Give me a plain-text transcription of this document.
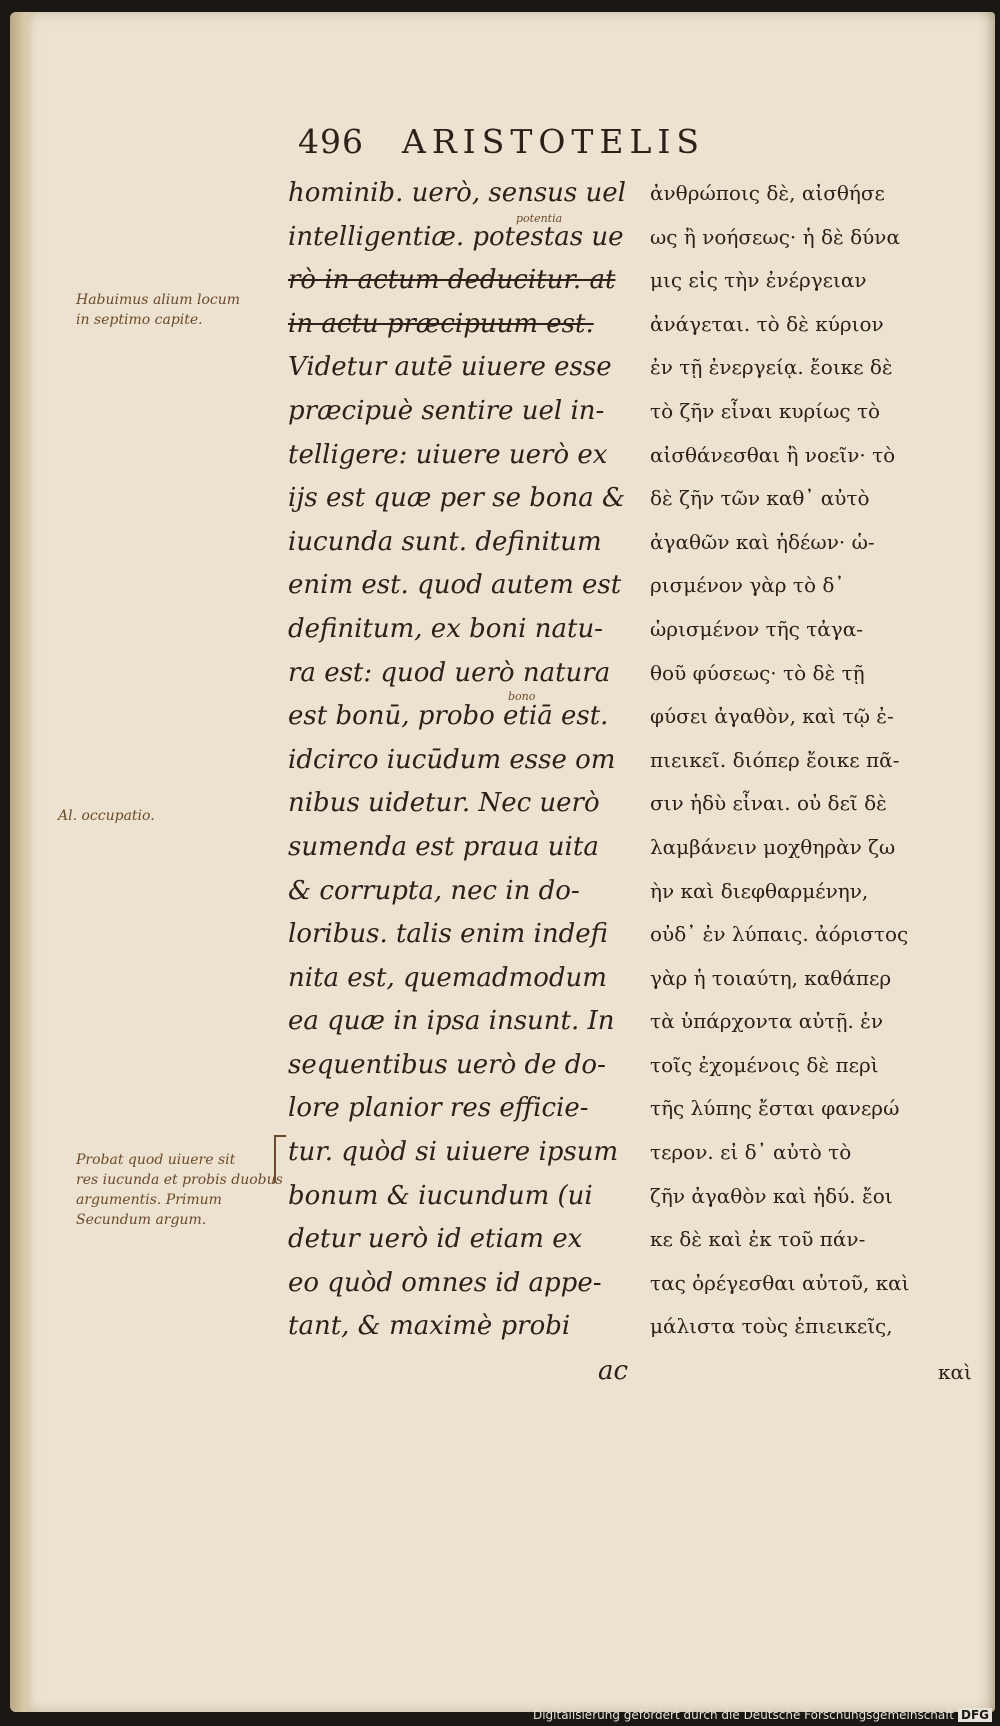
496 ARISTOTELIS
hominib. uerò, sensus uel
intelligentiæ. potestas ue
rò in actum deducitur. at
in actu præcipuum est.
Videtur autē uiuere esse
præcipuè sentire uel in-
telligere: uiuere uerò ex
ijs est quæ per se bona &
iucunda sunt. definitum
enim est. quod autem est
definitum, ex boni natu-
ra est: quod uerò natura
est bonū, probo etiā est.
idcirco iucūdum esse om
nibus uidetur. Nec uerò
sumenda est praua uita
& corrupta, nec in do-
loribus. talis enim indefi
nita est, quemadmodum
ea quæ in ipsa insunt. In
sequentibus uerò de do-
lore planior res efficie-
tur. quòd si uiuere ipsum
bonum & iucundum (ui
detur uerò id etiam ex
eo quòd omnes id appe-
tant, & maximè probi
ac
ἀνθρώποις δὲ, αἰσθήσε
ως ἢ νοήσεως· ἡ δὲ δύνα
μις εἰς τὴν ἐνέργειαν
ἀνάγεται. τὸ δὲ κύριον
ἐν τῇ ἐνεργείᾳ. ἔοικε δὲ
τὸ ζῆν εἶναι κυρίως τὸ
αἰσθάνεσθαι ἢ νοεῖν· τὸ
δὲ ζῆν τῶν καθ᾽ αὐτὸ
ἀγαθῶν καὶ ἡδέων· ὡ-
ρισμένον γὰρ τὸ δ᾽
ὡρισμένον τῆς τἀγα-
θοῦ φύσεως· τὸ δὲ τῇ
φύσει ἀγαθὸν, καὶ τῷ ἐ-
πιεικεῖ. διόπερ ἔοικε πᾶ-
σιν ἡδὺ εἶναι. οὐ δεῖ δὲ
λαμβάνειν μοχθηρὰν ζω
ὴν καὶ διεφθαρμένην,
οὐδ᾽ ἐν λύπαις. ἀόριστος
γὰρ ἡ τοιαύτη, καθάπερ
τὰ ὑπάρχοντα αὐτῇ. ἐν
τοῖς ἐχομένοις δὲ περὶ
τῆς λύπης ἔσται φανερώ
τερον. εἰ δ᾽ αὐτὸ τὸ
ζῆν ἀγαθὸν καὶ ἡδύ. ἔοι
κε δὲ καὶ ἐκ τοῦ πάν-
τας ὀρέγεσθαι αὐτοῦ, καὶ
μάλιστα τοὺς ἐπιεικεῖς,
καὶ
Habuimus alium locum
in septimo capite.
Al. occupatio.
Probat quod uiuere sit
res iucunda et probis duobus
argumentis. Primum
Secundum argum.
potentia
bono
Digitalisierung gefördert durch die Deutsche Forschungsgemeinschaft DFG
